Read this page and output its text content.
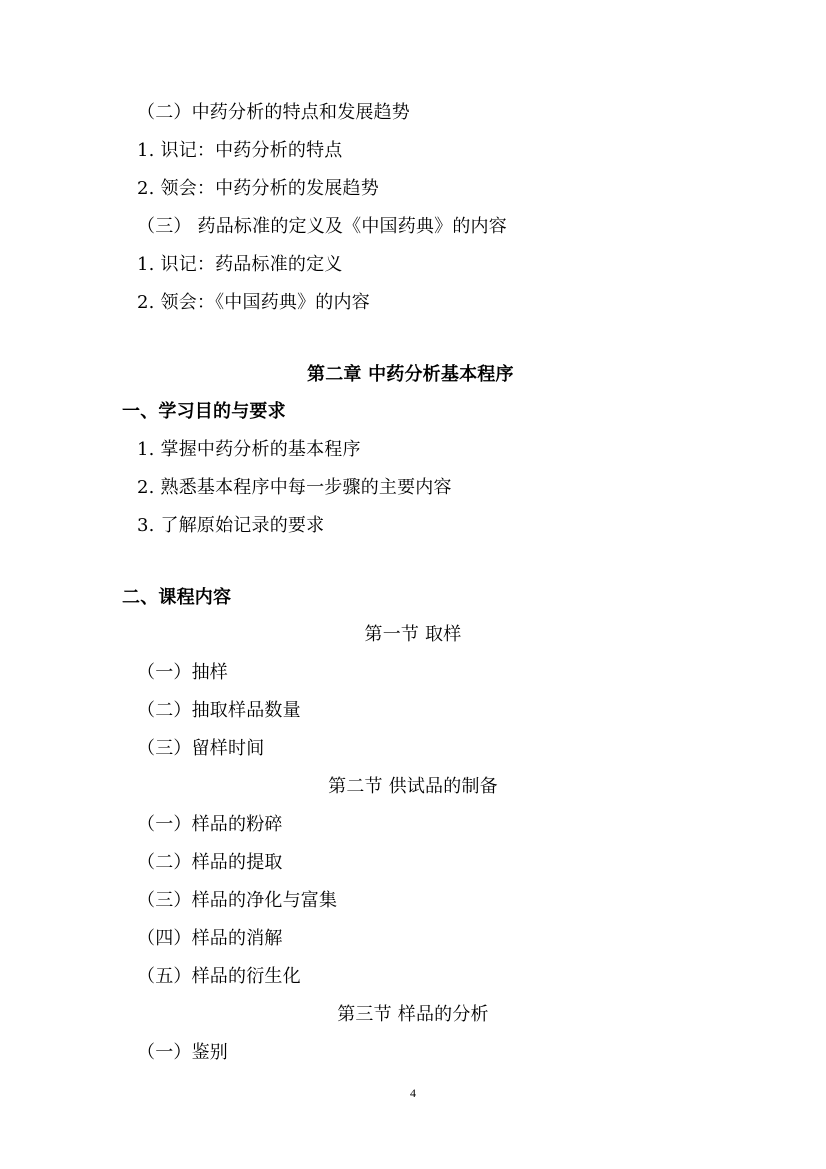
（二）中药分析的特点和发展趋势
1. 识记：中药分析的特点
2. 领会：中药分析的发展趋势
（三） 药品标准的定义及《中国药典》的内容
1. 识记：药品标准的定义
2. 领会：《中国药典》的内容
第二章 中药分析基本程序
一、学习目的与要求
1. 掌握中药分析的基本程序
2. 熟悉基本程序中每一步骤的主要内容
3. 了解原始记录的要求
二、课程内容
第一节 取样
（一）抽样
（二）抽取样品数量
（三）留样时间
第二节 供试品的制备
（一）样品的粉碎
（二）样品的提取
（三）样品的净化与富集
（四）样品的消解
（五）样品的衍生化
第三节 样品的分析
（一）鉴别
4
